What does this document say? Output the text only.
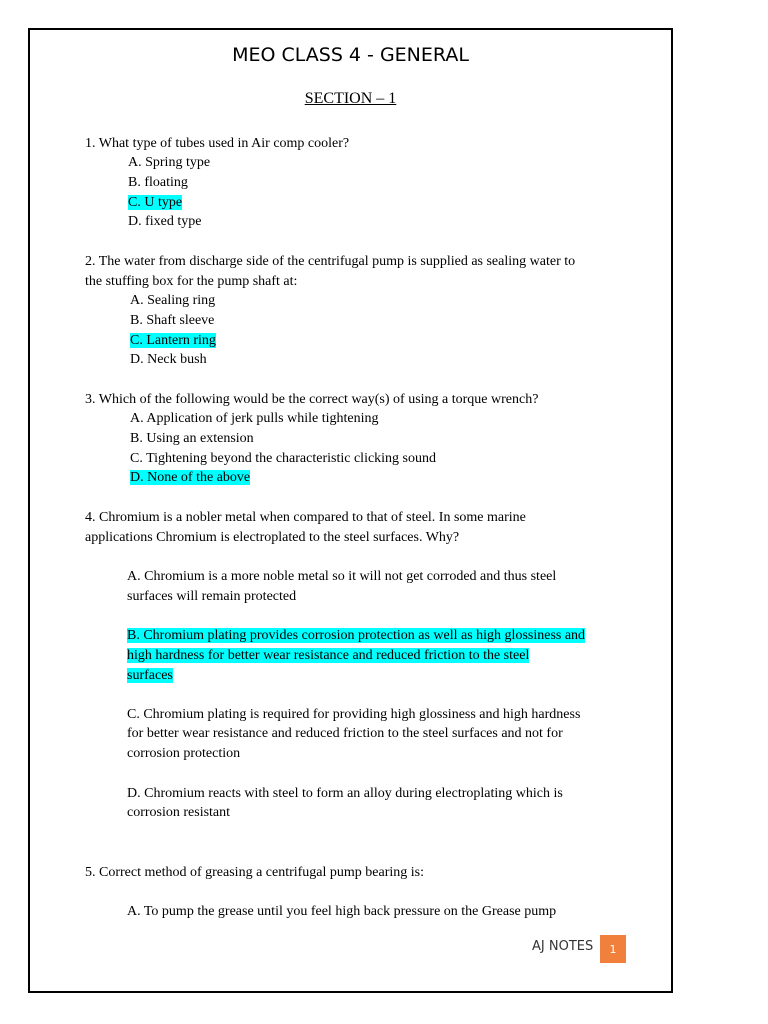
MEO CLASS 4 - GENERAL
SECTION – 1
1. What type of tubes used in Air comp cooler?
A. Spring type
B. floating
C. U type
D. fixed type
2. The water from discharge side of the centrifugal pump is supplied as sealing water to
the stuffing box for the pump shaft at:
A. Sealing ring
B. Shaft sleeve
C. Lantern ring
D. Neck bush
3. Which of the following would be the correct way(s) of using a torque wrench?
A. Application of jerk pulls while tightening
B. Using an extension
C. Tightening beyond the characteristic clicking sound
D. None of the above
4. Chromium is a nobler metal when compared to that of steel. In some marine
applications Chromium is electroplated to the steel surfaces. Why?
A. Chromium is a more noble metal so it will not get corroded and thus steel
surfaces will remain protected
B. Chromium plating provides corrosion protection as well as high glossiness and
high hardness for better wear resistance and reduced friction to the steel
surfaces
C. Chromium plating is required for providing high glossiness and high hardness
for better wear resistance and reduced friction to the steel surfaces and not for
corrosion protection
D. Chromium reacts with steel to form an alloy during electroplating which is
corrosion resistant
5. Correct method of greasing a centrifugal pump bearing is:
A. To pump the grease until you feel high back pressure on the Grease pump
AJ NOTES	1
